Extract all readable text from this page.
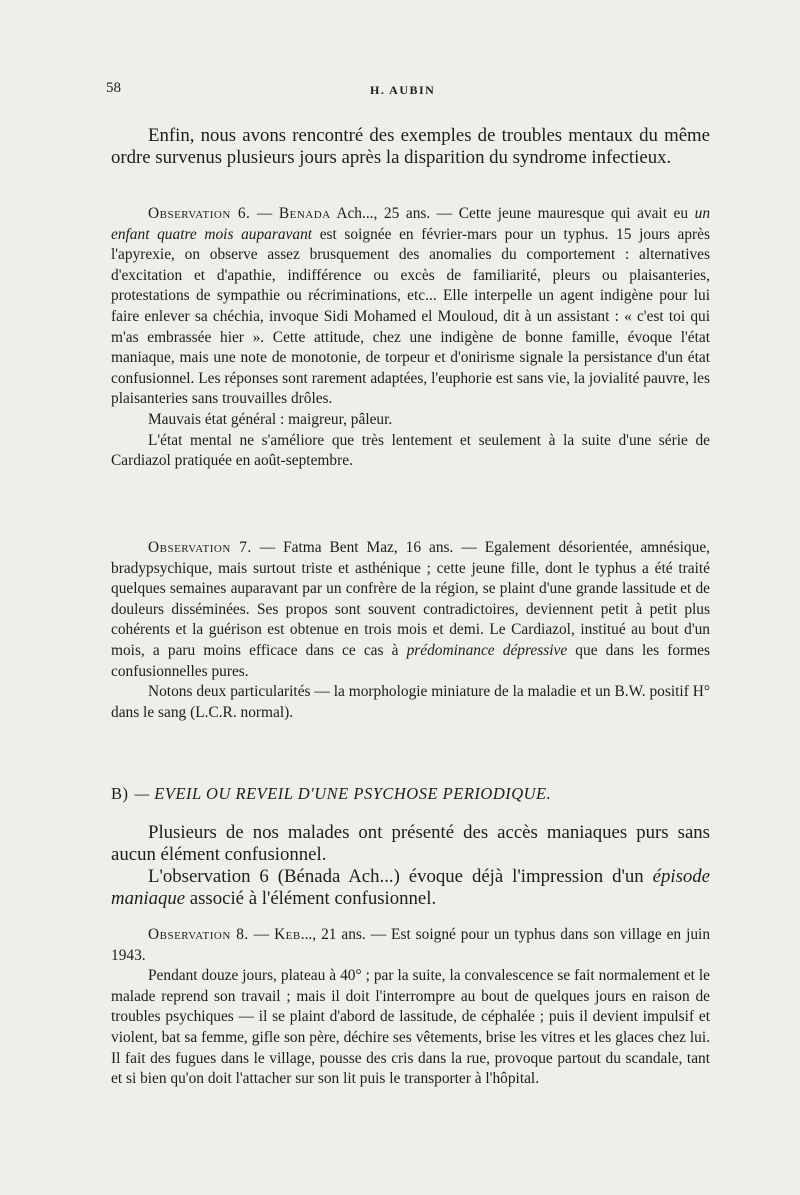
58	H. AUBIN

Enfin, nous avons rencontré des exemples de troubles mentaux du même ordre survenus plusieurs jours après la disparition du syndrome infectieux.

Observation 6. — Benada Ach..., 25 ans. — Cette jeune mauresque qui avait eu un enfant quatre mois auparavant est soignée en février-mars pour un typhus. 15 jours après l'apyrexie, on observe assez brusquement des anomalies du comportement : alternatives d'excitation et d'apathie, indifférence ou excès de familiarité, pleurs ou plaisanteries, protestations de sympathie ou récriminations, etc... Elle interpelle un agent indigène pour lui faire enlever sa chéchia, invoque Sidi Mohamed el Mouloud, dit à un assistant : « c'est toi qui m'as embrassée hier ». Cette attitude, chez une indigène de bonne famille, évoque l'état maniaque, mais une note de monotonie, de torpeur et d'onirisme signale la persistance d'un état confusionnel. Les réponses sont rarement adaptées, l'euphorie est sans vie, la jovialité pauvre, les plaisanteries sans trouvailles drôles.

Mauvais état général : maigreur, pâleur.

L'état mental ne s'améliore que très lentement et seulement à la suite d'une série de Cardiazol pratiquée en août-septembre.

Observation 7. — Fatma Bent Maz, 16 ans. — Egalement désorientée, amnésique, bradypsychique, mais surtout triste et asthénique ; cette jeune fille, dont le typhus a été traité quelques semaines auparavant par un confrère de la région, se plaint d'une grande lassitude et de douleurs disséminées. Ses propos sont souvent contradictoires, deviennent petit à petit plus cohérents et la guérison est obtenue en trois mois et demi. Le Cardiazol, institué au bout d'un mois, a paru moins efficace dans ce cas à prédominance dépressive que dans les formes confusionnelles pures.

Notons deux particularités — la morphologie miniature de la maladie et un B.W. positif H° dans le sang (L.C.R. normal).

B) — EVEIL OU REVEIL D'UNE PSYCHOSE PERIODIQUE.

Plusieurs de nos malades ont présenté des accès maniaques purs sans aucun élément confusionnel.

L'observation 6 (Bénada Ach...) évoque déjà l'impression d'un épisode maniaque associé à l'élément confusionnel.

Observation 8. — Keb..., 21 ans. — Est soigné pour un typhus dans son village en juin 1943.

Pendant douze jours, plateau à 40° ; par la suite, la convalescence se fait normalement et le malade reprend son travail ; mais il doit l'interrompre au bout de quelques jours en raison de troubles psychiques — il se plaint d'abord de lassitude, de céphalée ; puis il devient impulsif et violent, bat sa femme, gifle son père, déchire ses vêtements, brise les vitres et les glaces chez lui. Il fait des fugues dans le village, pousse des cris dans la rue, provoque partout du scandale, tant et si bien qu'on doit l'attacher sur son lit puis le transporter à l'hôpital.
